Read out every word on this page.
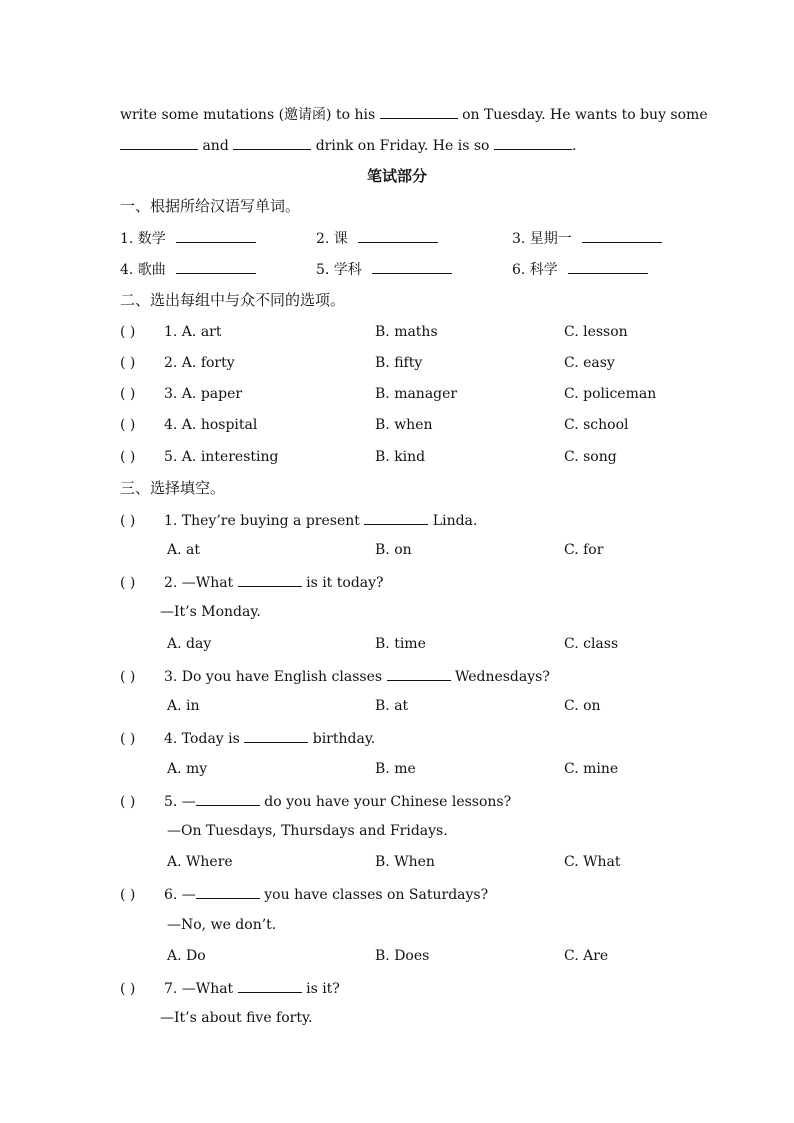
write some mutations (邀请函) to his	on Tuesday. He wants to buy some
and	drink on Friday. He is so	.
笔试部分
一、根据所给汉语写单词。
1. 数学	2. 课	3. 星期一
4. 歌曲	5. 学科	6. 科学
二、选出每组中与众不同的选项。
( ) 1. A. art	B. maths	C. lesson
( ) 2. A. forty	B. fifty	C. easy
( ) 3. A. paper	B. manager	C. policeman
( ) 4. A. hospital	B. when	C. school
( ) 5. A. interesting	B. kind	C. song
三、选择填空。
( ) 1. They’re buying a present	Linda.
A. at	B. on	C. for
( ) 2. —What	is it today?
—It’s Monday.
A. day	B. time	C. class
( ) 3. Do you have English classes	Wednesdays?
A. in	B. at	C. on
( ) 4. Today is	birthday.
A. my	B. me	C. mine
( ) 5. —	do you have your Chinese lessons?
—On Tuesdays, Thursdays and Fridays.
A. Where	B. When	C. What
( ) 6. —	you have classes on Saturdays?
—No, we don’t.
A. Do	B. Does	C. Are
( ) 7. —What	is it?
—It’s about five forty.
